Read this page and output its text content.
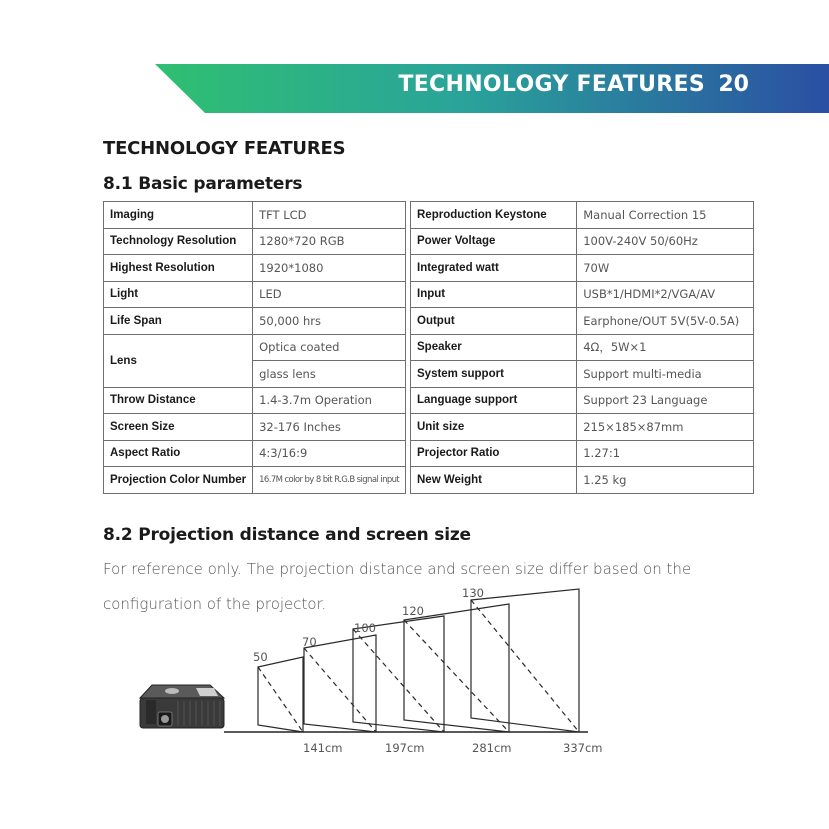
TECHNOLOGY FEATURES 20
TECHNOLOGY FEATURES
8.1 Basic parameters
Imaging	TFT LCD
Technology Resolution	1280*720 RGB
Highest Resolution	1920*1080
Light	LED
Life Span	50,000 hrs
Lens	Optica coated
	glass lens
Throw Distance	1.4-3.7m Operation
Screen Size	32-176 Inches
Aspect Ratio	4:3/16:9
Projection Color Number	16.7M color by 8 bit R.G.B signal input
Reproduction Keystone	Manual Correction 15
Power Voltage	100V-240V 50/60Hz
Integrated watt	70W
Input	USB*1/HDMI*2/VGA/AV
Output	Earphone/OUT 5V(5V-0.5A)
Speaker	4Ω，5W×1
System support	Support multi-media
Language support	Support 23 Language
Unit size	215×185×87mm
Projector Ratio	1.27:1
New Weight	1.25 kg
8.2 Projection distance and screen size

For reference only. The projection distance and screen size differ based on the configuration of the projector.

50
70
100
120
130
141cm	197cm	281cm	337cm
